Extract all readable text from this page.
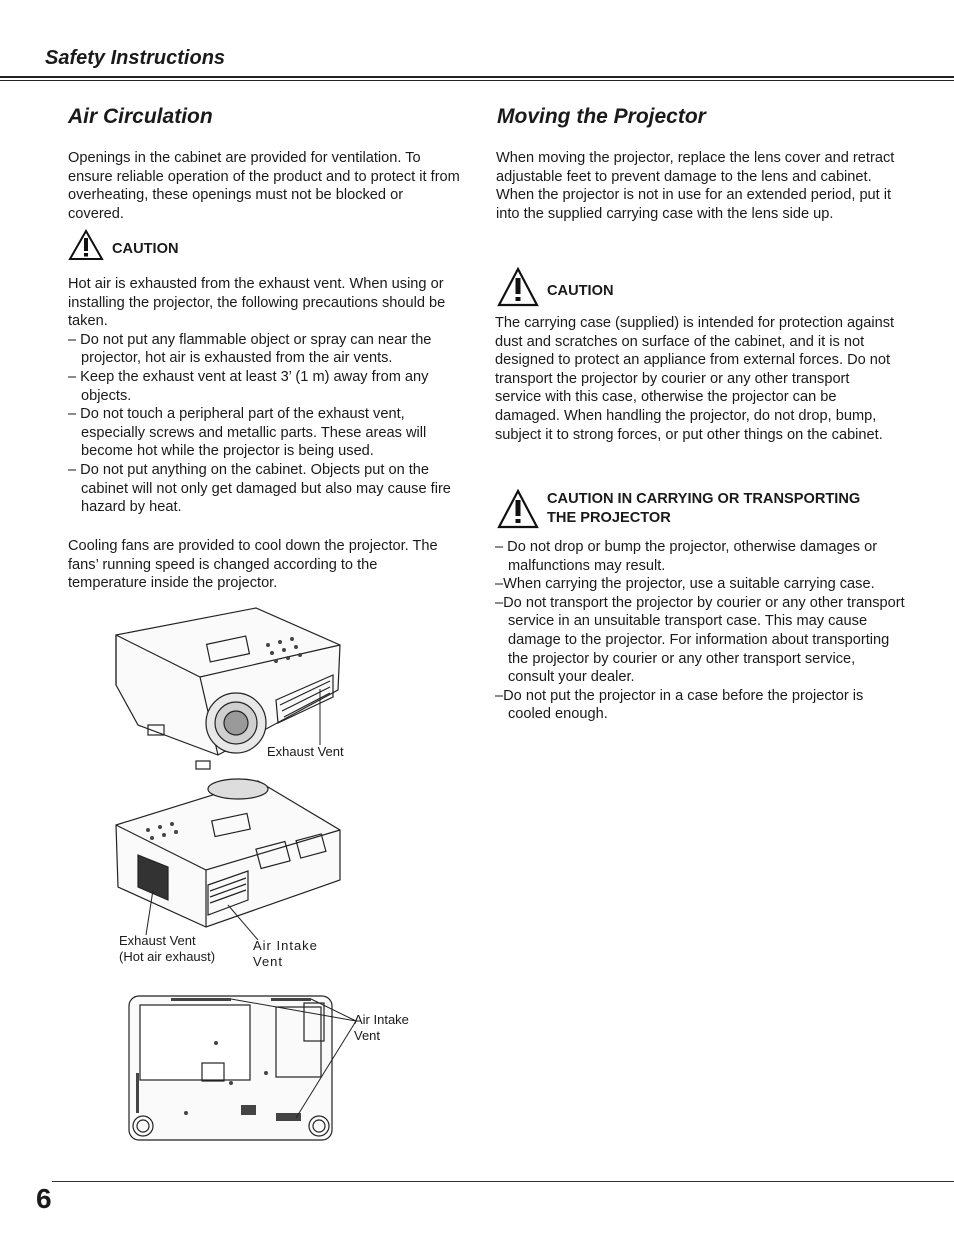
Safety Instructions
Air Circulation
Openings in the cabinet are provided for ventilation. To ensure reliable operation of the product and to protect it from overheating, these openings must not be blocked or covered.
CAUTION

Hot air is exhausted from the exhaust vent. When using or installing the projector, the following precautions should be taken.

– Do not put any flammable object or spray can near the projector, hot air is exhausted from the air vents.
– Keep the exhaust vent at least 3’ (1 m) away from any objects.
– Do not touch a peripheral part of the exhaust vent, especially screws and metallic parts. These areas will become hot while the projector is being used.
– Do not put anything on the cabinet. Objects put on the cabinet will not only get damaged but also may cause fire hazard by heat.
Cooling fans are provided to cool down the projector. The fans’ running speed is changed according to the temperature inside the projector.
Exhaust Vent
Exhaust Vent
(Hot air exhaust)
Air Intake
Vent
Air Intake
Vent
Moving the Projector

When moving the projector, replace the lens cover and retract adjustable feet to prevent damage to the lens and cabinet.

When the projector is not in use for an extended period, put it into the supplied carrying case with the lens side up.

CAUTION
The carrying case (supplied) is intended for protection against dust and scratches on surface of the cabinet, and it is not designed to protect an appliance from external forces. Do not transport the projector by courier or any other transport service with this case, otherwise the projector can be damaged. When handling the projector, do not drop, bump, subject it to strong forces, or put other things on the cabinet.
CAUTION IN CARRYING OR TRANSPORTING
THE PROJECTOR
– Do not drop or bump the projector, otherwise damages or malfunctions may result.
–When carrying the projector, use a suitable carrying case.
–Do not transport the projector by courier or any other transport service in an unsuitable transport case. This may cause damage to the projector. For information about transporting the projector by courier or any other transport service, consult your dealer.
–Do not put the projector in a case before the projector is cooled enough.
6
